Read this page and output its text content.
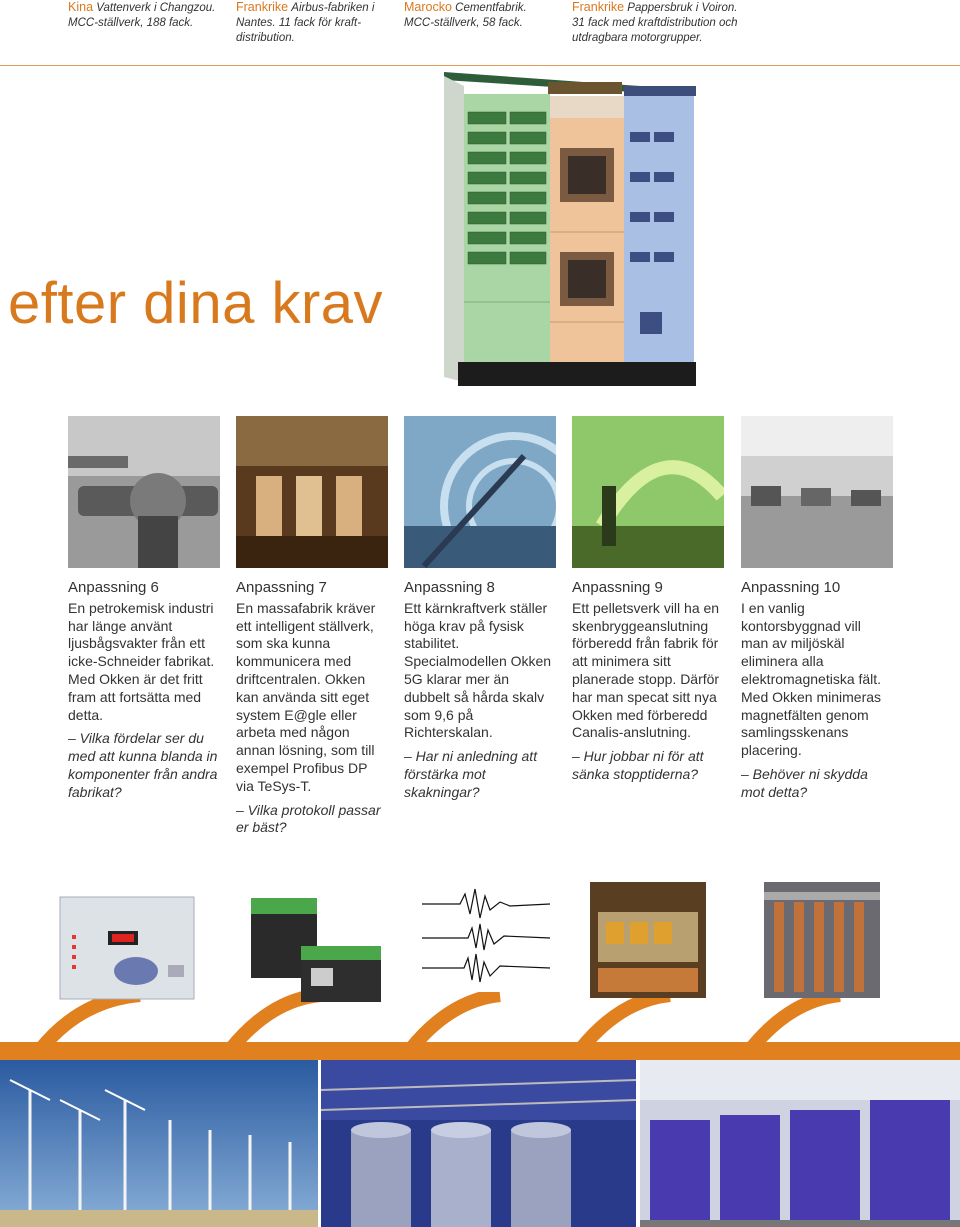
Kina Vattenverk i Changzou. MCC-ställverk, 188 fack.
Frankrike Airbus-fabriken i Nantes. 11 fack för kraft-distribution.
Marocko Cementfabrik. MCC-ställverk, 58 fack.
Frankrike Pappersbruk i Voiron. 31 fack med kraftdistribution och utdragbara motorgrupper.
efter dina krav
Anpassning 6
En petrokemisk industri har länge använt ljusbågsvakter från ett icke-Schneider fabrikat. Med Okken är det fritt fram att fortsätta med detta.
– Vilka fördelar ser du med att kunna blanda in komponenter från andra fabrikat?
Anpassning 7
En massafabrik kräver ett intelligent ställverk, som ska kunna kommunicera med driftcentralen. Okken kan använda sitt eget system E@gle eller arbeta med någon annan lösning, som till exempel Profibus DP via TeSys-T.
– Vilka protokoll passar er bäst?
Anpassning 8
Ett kärnkraftverk ställer höga krav på fysisk stabilitet. Specialmodellen Okken 5G klarar mer än dubbelt så hårda skalv som 9,6 på Richterskalan.
– Har ni anledning att förstärka mot skakningar?
Anpassning 9
Ett pelletsverk vill ha en skenbryggeanslutning förberedd från fabrik för att minimera sitt planerade stopp. Därför har man specat sitt nya Okken med förberedd Canalis-anslutning.
– Hur jobbar ni för att sänka stopptiderna?
Anpassning 10
I en vanlig kontorsbyggnad vill man av miljöskäl eliminera alla elektromagnetiska fält. Med Okken minimeras magnetfälten genom samlingsskenans placering.
– Behöver ni skydda mot detta?
